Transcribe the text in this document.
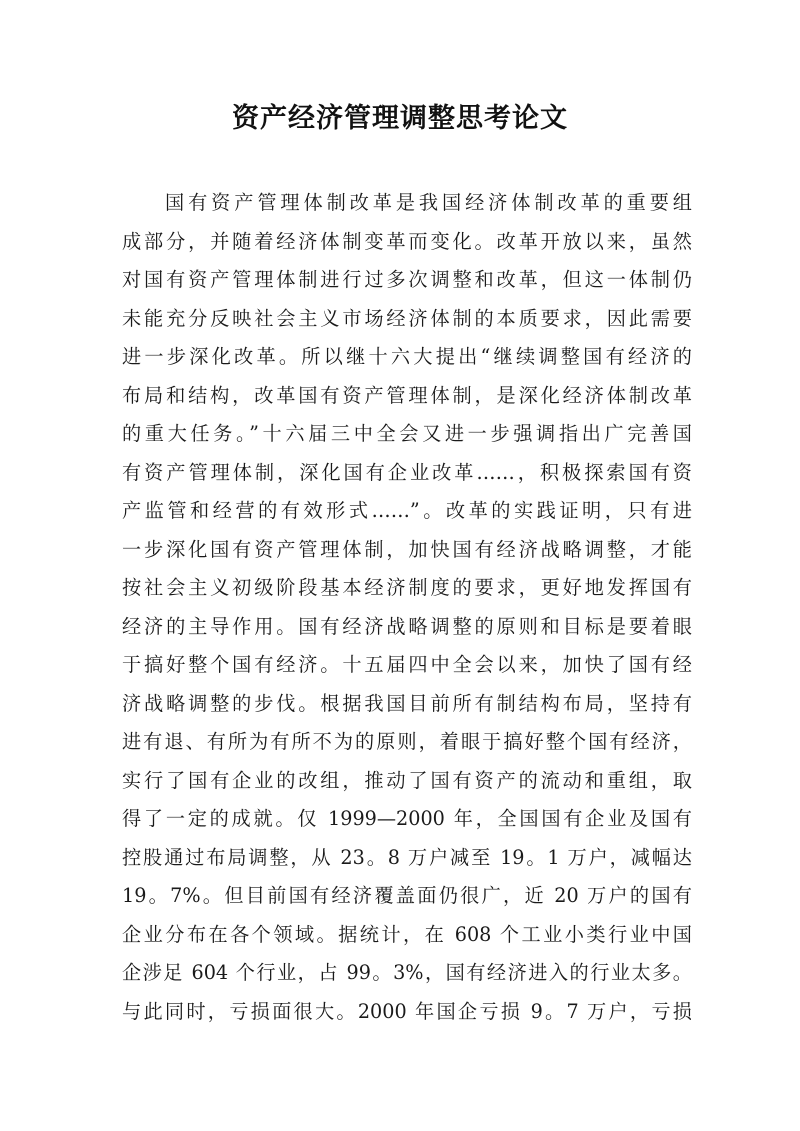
资产经济管理调整思考论文
国有资产管理体制改革是我国经济体制改革的重要组
成部分，并随着经济体制变革而变化。改革开放以来，虽然
对国有资产管理体制进行过多次调整和改革，但这一体制仍
未能充分反映社会主义市场经济体制的本质要求，因此需要
进一步深化改革。所以继十六大提出“继续调整国有经济的
布局和结构，改革国有资产管理体制，是深化经济体制改革
的重大任务。”十六届三中全会又进一步强调指出广完善国
有资产管理体制，深化国有企业改革……，积极探索国有资
产监管和经营的有效形式……”。改革的实践证明，只有进
一步深化国有资产管理体制，加快国有经济战略调整，才能
按社会主义初级阶段基本经济制度的要求，更好地发挥国有
经济的主导作用。国有经济战略调整的原则和目标是要着眼
于搞好整个国有经济。十五届四中全会以来，加快了国有经
济战略调整的步伐。根据我国目前所有制结构布局，坚持有
进有退、有所为有所不为的原则，着眼于搞好整个国有经济，
实行了国有企业的改组，推动了国有资产的流动和重组，取
得了一定的成就。仅 1999—2000 年，全国国有企业及国有
控股通过布局调整，从 23。8 万户减至 19。1 万户，减幅达
19。7%。但目前国有经济覆盖面仍很广，近 20 万户的国有
企业分布在各个领域。据统计，在 608 个工业小类行业中国
企涉足 604 个行业，占 99。3%，国有经济进入的行业太多。
与此同时，亏损面很大。2000 年国企亏损 9。7 万户，亏损
